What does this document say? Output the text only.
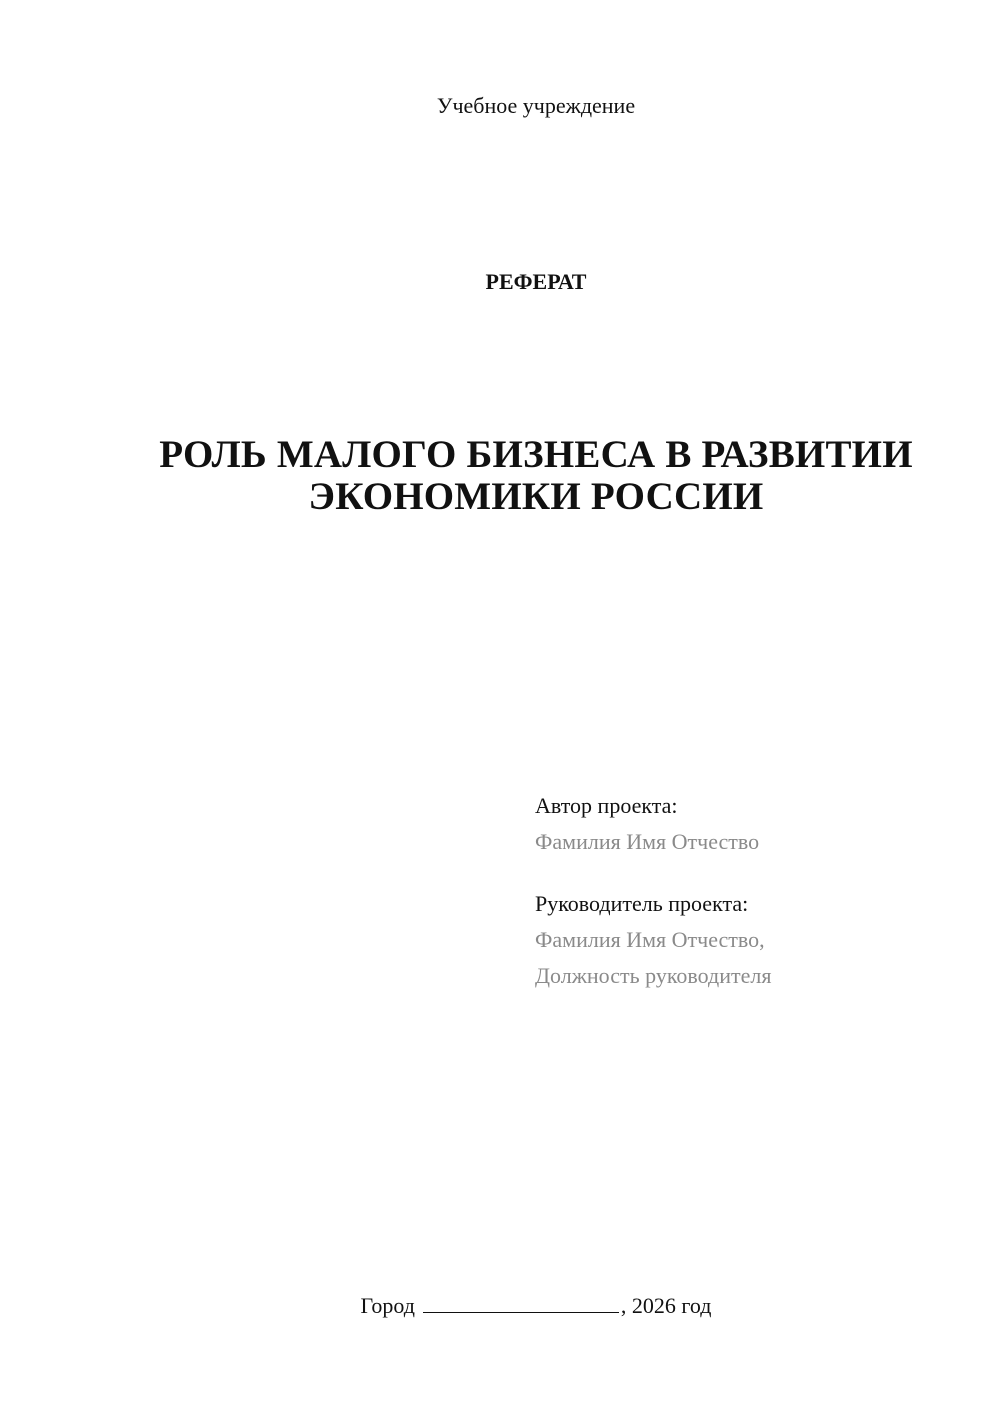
Учебное учреждение
РЕФЕРАТ
РОЛЬ МАЛОГО БИЗНЕСА В РАЗВИТИИ
ЭКОНОМИКИ РОССИИ
Автор проекта:
Фамилия Имя Отчество
Руководитель проекта:
Фамилия Имя Отчество,
Должность руководителя
Город	, 2026 год
